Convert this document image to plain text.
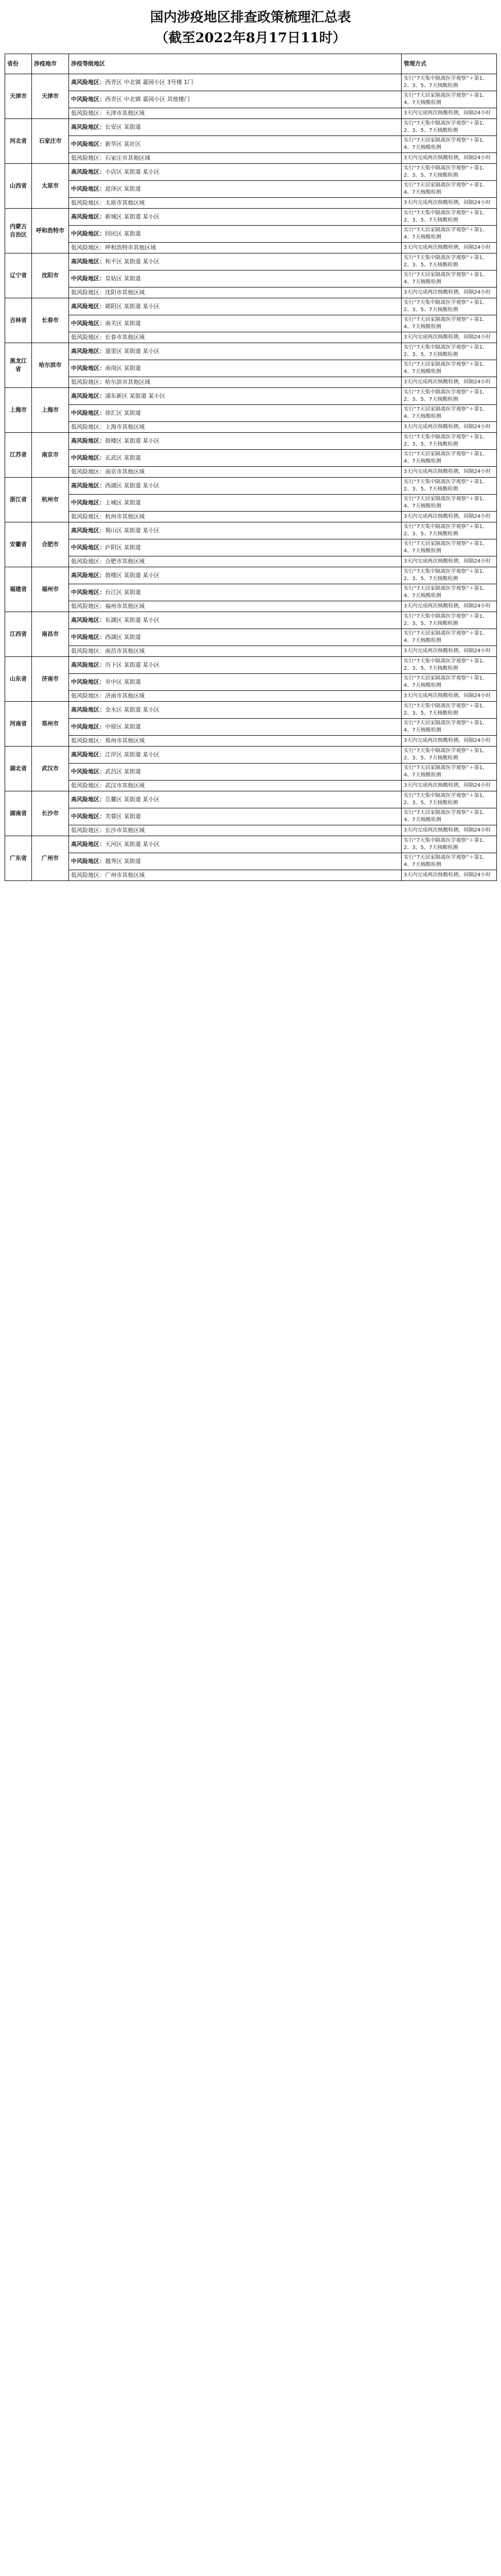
国内涉疫地区排查政策梳理汇总表
（截至2022年8月17日11时）
省份	涉疫地市	涉疫等级地区	管理方式
天津市	天津市	高风险地区：西青区 中北镇 嘉园小区 3号楼 1门	实行“7天集中隔离医学观察”＋第1、2、3、5、7天核酸检测
		中风险地区：西青区 中北镇 嘉园小区 其他楼门	实行“7天居家隔离医学观察”＋第1、4、7天核酸检测
		低风险地区：天津市其他区域	3天内完成两次核酸检测，间隔24小时
河北省	石家庄市	高风险地区：长安区 某街道	实行“7天集中隔离医学观察”＋第1、2、3、5、7天核酸检测
		中风险地区：新华区 某社区	实行“7天居家隔离医学观察”＋第1、4、7天核酸检测
		低风险地区：石家庄市其他区域	3天内完成两次核酸检测，间隔24小时
山西省	太原市	高风险地区：小店区 某街道 某小区	实行“7天集中隔离医学观察”＋第1、2、3、5、7天核酸检测
		中风险地区：迎泽区 某街道	实行“7天居家隔离医学观察”＋第1、4、7天核酸检测
		低风险地区：太原市其他区域	3天内完成两次核酸检测，间隔24小时
内蒙古自治区	呼和浩特市	高风险地区：新城区 某街道 某小区	实行“7天集中隔离医学观察”＋第1、2、3、5、7天核酸检测
		中风险地区：回民区 某街道	实行“7天居家隔离医学观察”＋第1、4、7天核酸检测
		低风险地区：呼和浩特市其他区域	3天内完成两次核酸检测，间隔24小时
辽宁省	沈阳市	高风险地区：和平区 某街道 某小区	实行“7天集中隔离医学观察”＋第1、2、3、5、7天核酸检测
		中风险地区：皇姑区 某街道	实行“7天居家隔离医学观察”＋第1、4、7天核酸检测
		低风险地区：沈阳市其他区域	3天内完成两次核酸检测，间隔24小时
吉林省	长春市	高风险地区：朝阳区 某街道 某小区	实行“7天集中隔离医学观察”＋第1、2、3、5、7天核酸检测
		中风险地区：南关区 某街道	实行“7天居家隔离医学观察”＋第1、4、7天核酸检测
		低风险地区：长春市其他区域	3天内完成两次核酸检测，间隔24小时
黑龙江省	哈尔滨市	高风险地区：道里区 某街道 某小区	实行“7天集中隔离医学观察”＋第1、2、3、5、7天核酸检测
		中风险地区：南岗区 某街道	实行“7天居家隔离医学观察”＋第1、4、7天核酸检测
		低风险地区：哈尔滨市其他区域	3天内完成两次核酸检测，间隔24小时
上海市	上海市	高风险地区：浦东新区 某街道 某小区	实行“7天集中隔离医学观察”＋第1、2、3、5、7天核酸检测
		中风险地区：徐汇区 某街道	实行“7天居家隔离医学观察”＋第1、4、7天核酸检测
		低风险地区：上海市其他区域	3天内完成两次核酸检测，间隔24小时
江苏省	南京市	高风险地区：鼓楼区 某街道 某小区	实行“7天集中隔离医学观察”＋第1、2、3、5、7天核酸检测
		中风险地区：玄武区 某街道	实行“7天居家隔离医学观察”＋第1、4、7天核酸检测
		低风险地区：南京市其他区域	3天内完成两次核酸检测，间隔24小时
浙江省	杭州市	高风险地区：西湖区 某街道 某小区	实行“7天集中隔离医学观察”＋第1、2、3、5、7天核酸检测
		中风险地区：上城区 某街道	实行“7天居家隔离医学观察”＋第1、4、7天核酸检测
		低风险地区：杭州市其他区域	3天内完成两次核酸检测，间隔24小时
安徽省	合肥市	高风险地区：蜀山区 某街道 某小区	实行“7天集中隔离医学观察”＋第1、2、3、5、7天核酸检测
		中风险地区：庐阳区 某街道	实行“7天居家隔离医学观察”＋第1、4、7天核酸检测
		低风险地区：合肥市其他区域	3天内完成两次核酸检测，间隔24小时
福建省	福州市	高风险地区：鼓楼区 某街道 某小区	实行“7天集中隔离医学观察”＋第1、2、3、5、7天核酸检测
		中风险地区：台江区 某街道	实行“7天居家隔离医学观察”＋第1、4、7天核酸检测
		低风险地区：福州市其他区域	3天内完成两次核酸检测，间隔24小时
江西省	南昌市	高风险地区：东湖区 某街道 某小区	实行“7天集中隔离医学观察”＋第1、2、3、5、7天核酸检测
		中风险地区：西湖区 某街道	实行“7天居家隔离医学观察”＋第1、4、7天核酸检测
		低风险地区：南昌市其他区域	3天内完成两次核酸检测，间隔24小时
山东省	济南市	高风险地区：历下区 某街道 某小区	实行“7天集中隔离医学观察”＋第1、2、3、5、7天核酸检测
		中风险地区：市中区 某街道	实行“7天居家隔离医学观察”＋第1、4、7天核酸检测
		低风险地区：济南市其他区域	3天内完成两次核酸检测，间隔24小时
河南省	郑州市	高风险地区：金水区 某街道 某小区	实行“7天集中隔离医学观察”＋第1、2、3、5、7天核酸检测
		中风险地区：中原区 某街道	实行“7天居家隔离医学观察”＋第1、4、7天核酸检测
		低风险地区：郑州市其他区域	3天内完成两次核酸检测，间隔24小时
湖北省	武汉市	高风险地区：江岸区 某街道 某小区	实行“7天集中隔离医学观察”＋第1、2、3、5、7天核酸检测
		中风险地区：武昌区 某街道	实行“7天居家隔离医学观察”＋第1、4、7天核酸检测
		低风险地区：武汉市其他区域	3天内完成两次核酸检测，间隔24小时
湖南省	长沙市	高风险地区：岳麓区 某街道 某小区	实行“7天集中隔离医学观察”＋第1、2、3、5、7天核酸检测
		中风险地区：芙蓉区 某街道	实行“7天居家隔离医学观察”＋第1、4、7天核酸检测
		低风险地区：长沙市其他区域	3天内完成两次核酸检测，间隔24小时
广东省	广州市	高风险地区：天河区 某街道 某小区	实行“7天集中隔离医学观察”＋第1、2、3、5、7天核酸检测
		中风险地区：越秀区 某街道	实行“7天居家隔离医学观察”＋第1、4、7天核酸检测
		低风险地区：广州市其他区域	3天内完成两次核酸检测，间隔24小时
